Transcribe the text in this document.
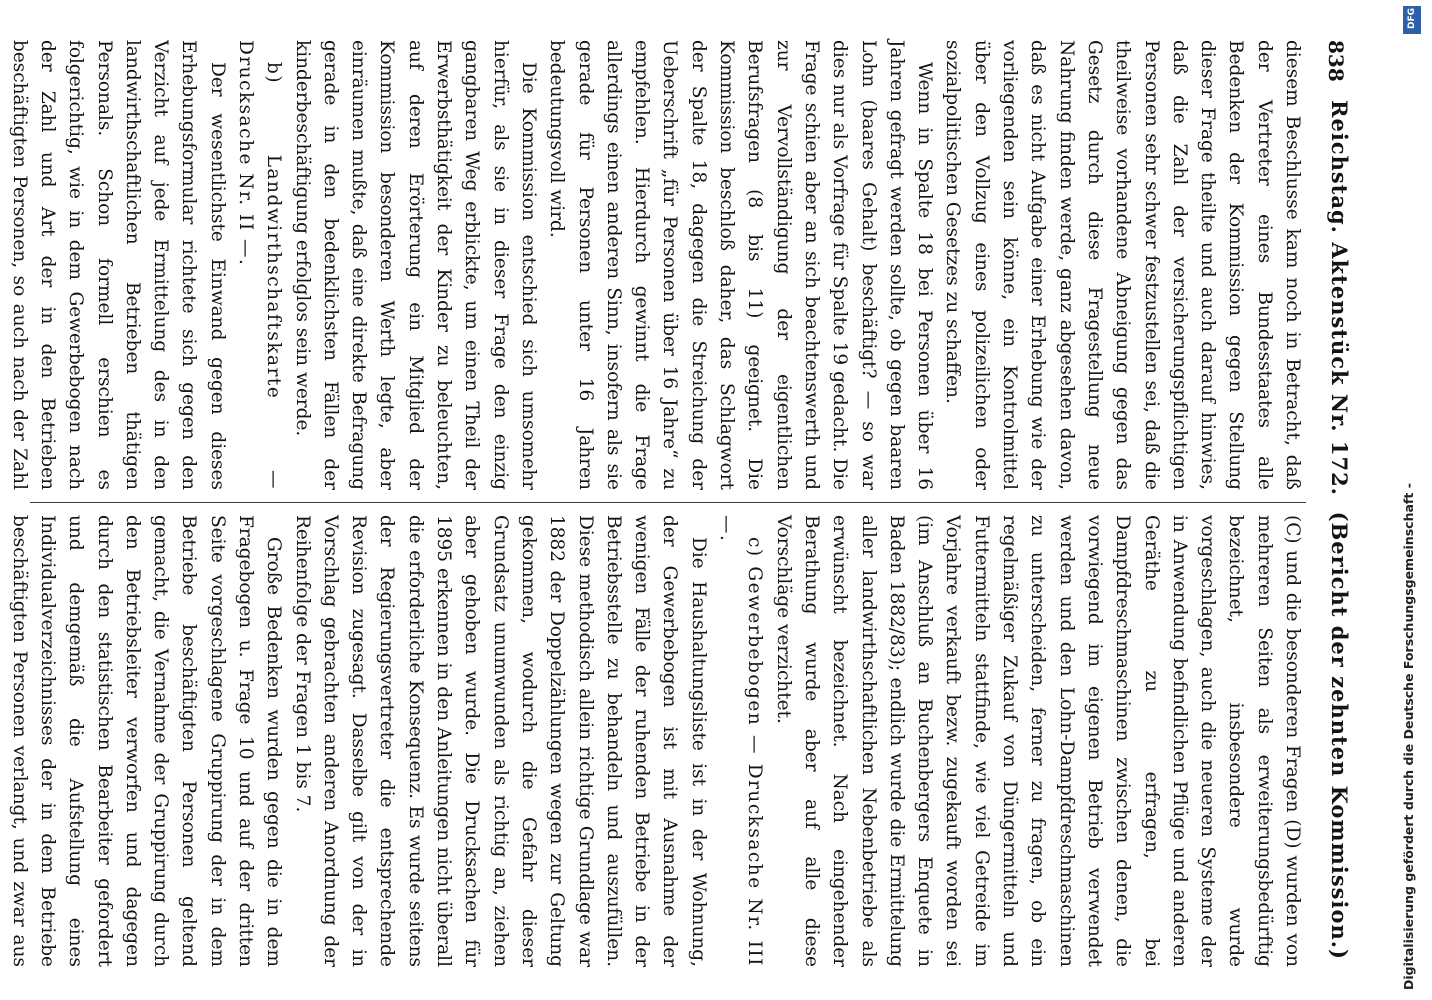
838
Reichstag. Aktenstück Nr. 172.
(Bericht der zehnten Kommission.)

diesem Beschlusse kam noch in Betracht, daß der Vertreter eines Bundesstaates alle Bedenken der Kommission gegen Stellung dieser Frage theilte und auch darauf hinwies, daß die Zahl der versicherungspflichtigen Personen sehr schwer festzustellen sei, daß die theilweise vorhandene Abneigung gegen das Gesetz durch diese Fragestellung neue Nahrung finden werde, ganz abgesehen davon, daß es nicht Aufgabe einer Erhebung wie der vorliegenden sein könne, ein Kontrolmittel über den Vollzug eines polizeilichen oder sozialpolitischen Gesetzes zu schaffen.

Wenn in Spalte 18 bei Personen über 16 Jahren gefragt werden sollte, ob gegen baaren Lohn (baares Gehalt) beschäftigt? — so war dies nur als Vorfrage für Spalte 19 gedacht. Die Frage schien aber an sich beachtenswerth und zur Vervollständigung der eigentlichen Berufsfragen (8 bis 11) geeignet. Die Kommission beschloß daher, das Schlagwort der Spalte 18, dagegen die Streichung der Ueberschrift „für Personen über 16 Jahre“ zu empfehlen. Hierdurch gewinnt die Frage allerdings einen anderen Sinn, insofern als sie gerade für Personen unter 16 Jahren bedeutungsvoll wird.

Die Kommission entschied sich umsomehr hierfür, als sie in dieser Frage den einzig gangbaren Weg erblickte, um einen Theil der Erwerbsthätigkeit der Kinder zu beleuchten, auf deren Erörterung ein Mitglied der Kommission besonderen Werth legte, aber einräumen mußte, daß eine direkte Befragung gerade in den bedenklichsten Fällen der kinderbeschäftigung erfolglos sein werde.

b) Landwirthschaftskarte — Drucksache Nr. II —.

Der wesentlichste Einwand gegen dieses Erhebungsformular richtete sich gegen den Verzicht auf jede Ermittelung des in den landwirthschaftlichen Betrieben thätigen Personals. Schon formell erschien es folgerichtig, wie in dem Gewerbebogen nach der Zahl und Art der in den Betrieben beschäftigten Personen, so auch nach der Zahl

(C) und die besonderen Fragen (D) wurden von mehreren Seiten als erweiterungsbedürftig bezeichnet, insbesondere wurde vorgeschlagen, auch die neueren Systeme der in Anwendung befindlichen Pflüge und anderen Geräthe zu erfragen, bei Dampfdreschmaschinen zwischen denen, die vorwiegend im eigenen Betrieb verwendet werden und den Lohn-Dampfdreschmaschinen zu unterscheiden, ferner zu fragen, ob ein regelmäßiger Zukauf von Düngermitteln und Futtermitteln stattfinde, wie viel Getreide im Vorjahre verkauft bezw. zugekauft worden sei (im Anschluß an Buchenbergers Enquete in Baden 1882/83); endlich wurde die Ermittelung aller landwirthschaftlichen Nebenbetriebe als erwünscht bezeichnet. Nach eingehender Berathung wurde aber auf alle diese Vorschläge verzichtet.

c) Gewerbebogen — Drucksache Nr. III —.

Die Haushaltungsliste ist in der Wohnung, der Gewerbebogen ist mit Ausnahme der wenigen Fälle der ruhenden Betriebe in der Betriebsstelle zu behandeln und auszufüllen. Diese methodisch allein richtige Grundlage war 1882 der Doppelzählungen wegen zur Geltung gekommen, wodurch die Gefahr dieser Grundsatz unumwunden als richtig an, ziehen aber gehoben wurde. Die Drucksachen für 1895 erkennen in den Anleitungen nicht überall die erforderliche Konsequenz. Es wurde seitens der Regierungsvertreter die entsprechende Revision zugesagt. Dasselbe gilt von der in Vorschlag gebrachten anderen Anordnung der Reihenfolge der Fragen 1 bis 7.

Große Bedenken wurden gegen die in dem Fragebogen u. Frage 10 und auf der dritten Seite vorgeschlagene Gruppirung der in dem Betriebe beschäftigten Personen geltend gemacht, die Vernahme der Gruppirung durch den Betriebsleiter verworfen und dagegen durch den statistischen Bearbeiter gefordert und demgemäß die Aufstellung eines Individualverzeichnisses der in dem Betriebe beschäftigten Personen verlangt, und zwar aus

DFG
Digitalisierung gefördert durch die Deutsche Forschungsgemeinschaft -
